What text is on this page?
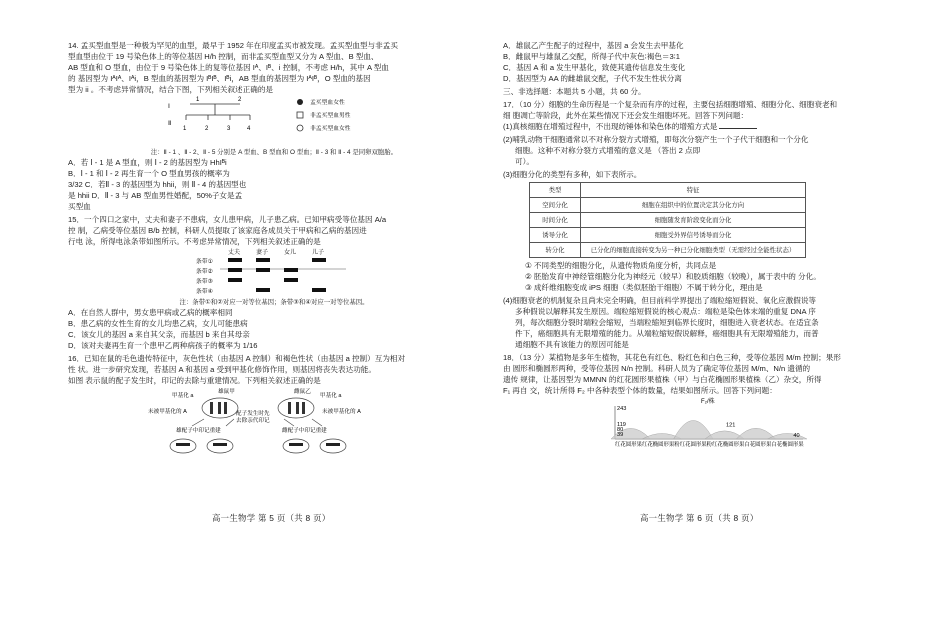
14. 孟买型血型是一种极为罕见的血型，最早于 1952 年在印度孟买市被发现。孟买型血型与非孟买

型血型由位于 19 号染色体上的等位基因 H/h 控制，而非孟买型血型又分为 A 型血、B 型血、

AB 型血和 O 型血，由位于 9 号染色体上的复等位基因 Iᴬ、Iᴮ、i 控制，不考虑 H/h，其中 A 型血

的 基因型为 IᴬIᴬ、Iᴬi，B 型血的基因型为 IᴮIᴮ、Iᴮi，AB 型血的基因型为 IᴬIᴮ，O 型血的基因

型为 ii 。不考虑异常情况，结合下图，下列相关叙述正确的是

Ⅰ
Ⅱ
1	2
1	2	3	4
孟买型血女性
非孟买型血男性
非孟买型血女性

注：Ⅱ - 1 、Ⅱ - 2、Ⅱ - 5 分别是 A 型血、B 型血和 O 型血；Ⅱ - 3 和 Ⅱ - 4 是同卵双胞胎。

A．若 Ⅰ - 1 是 A 型血，则 Ⅰ - 2 的基因型为 HhIᴮi

B．Ⅰ - 1 和 Ⅰ - 2 再生育一个 O 型血男孩的概率为

3/32 C．若Ⅱ - 3 的基因型为 hhii，则 Ⅱ - 4 的基因型也

是 hhii D．Ⅱ - 3 与 AB 型血男性婚配，50%子女是孟

买型血

15．一个四口之家中，丈夫和妻子不患病，女儿患甲病，儿子患乙病。已知甲病受等位基因 A/a

控 制，乙病受等位基因 B/b 控制，科研人员提取了该家庭各成员关于甲病和乙病的基因进

行电 泳，所得电泳条带如图所示。不考虑异常情况，下列相关叙述正确的是

丈夫	妻子	女儿	儿子
条带①
条带②
条带③
条带④

注：条带①和②对应一对等位基因；条带③和④对应一对等位基因。

A．在自然人群中，男女患甲病或乙病的概率相同

B．患乙病的女性生育的女儿均患乙病，女儿可能患病

C．该女儿的基因 a 来自其父亲，而基因 b 来自其母亲

D．该对夫妻再生育一个患甲乙两种病孩子的概率为 1/16

16．已知在鼠的毛色遗传特征中，灰色性状（由基因 A 控制）和褐色性状（由基因 a 控制）互为相对

性 状。进一步研究发现，若基因 A 和基因 a 受到甲基化修饰作用，则基因将丧失表达功能。

如图 表示鼠的配子发生时，印记的去除与重建情况。下列相关叙述正确的是

雄鼠甲	雌鼠乙
甲基化 a	甲基化 a
未被甲基化的 A	未被甲基化的 A
配子发生时先
去除亲代印记
雄配子中印记重建	雌配子中印记重建
高一生物学 第 5 页（共 8 页）

A．雄鼠乙产生配子的过程中，基因 a 会发生去甲基化

B．雌鼠甲与雄鼠乙交配，所得子代中灰色∶褐色＝3∶1

C．基因 A 和 a 发生甲基化，致使其遗传信息发生变化

D．基因型为 AA 的雌雄鼠交配，子代不发生性状分离

三、非选择题：本题共 5 小题，共 60 分。

17．（10 分）细胞的生命历程是一个复杂而有序的过程，主要包括细胞增殖、细胞分化、细胞衰老和

细 胞凋亡等阶段，此外在某些情况下还会发生细胞坏死。回答下列问题：

(1)真核细胞在增殖过程中，不出现纺锤体和染色体的增殖方式是

(2)哺乳动物干细胞通常以不对称分裂方式增殖，即每次分裂产生一个子代干细胞和一个分化

细胞。这种不对称分裂方式增殖的意义是 （答出 2 点即

可）。

(3)细胞分化的类型有多种，如下表所示。

类型	特征
空间分化	细胞在组织中的位置决定其分化方向
时间分化	细胞随发育阶段变化而分化
诱导分化	细胞受外界信号诱导而分化
转分化	已分化的细胞直接转变为另一种已分化细胞类型（无需经过全能性状态）

① 不同类型的细胞分化，从遗传物质角度分析，共同点是

② 胚胎发育中神经管细胞分化为神经元（较早）和胶质细胞（较晚），属于表中的 分化。

③ 成纤维细胞变成 iPS 细胞（类似胚胎干细胞）不属于转分化，理由是

(4)细胞衰老的机制复杂且尚未完全明确，但目前科学界提出了端粒缩短假说、氧化应激假说等

多种假说以解释其发生原因。端粒缩短假说的核心观点：端粒是染色体末端的重复 DNA 序

列，每次细胞分裂时端粒会缩短，当端粒缩短到临界长度时，细胞进入衰老状态。在适宜条

件下，癌细胞具有无限增殖的能力。从端粒缩短假说解释，癌细胞具有无限增殖能力，而普

通细胞不具有该能力的原因可能是

18．（13 分）某植物是多年生植物，其花色有红色、粉红色和白色三种，受等位基因 M/m 控制；果形

由 圆形和椭圆形两种，受等位基因 N/n 控制。科研人员为了确定等位基因 M/m、N/n 遗循的

遗传 规律，让基因型为 MMNN 的红花圆形果植株（甲）与白花椭圆形果植株（乙）杂交，所得

F₁ 再自 交，统计所得 F₂ 中各种表型个体的数量，结果如图所示。回答下列问题：

F₂/株
243
119
80
39
121
40
红花圆形果红花椭圆形果粉红花圆形果粉红花椭圆形果白花圆形果白花椭圆形果
高一生物学 第 6 页（共 8 页）
